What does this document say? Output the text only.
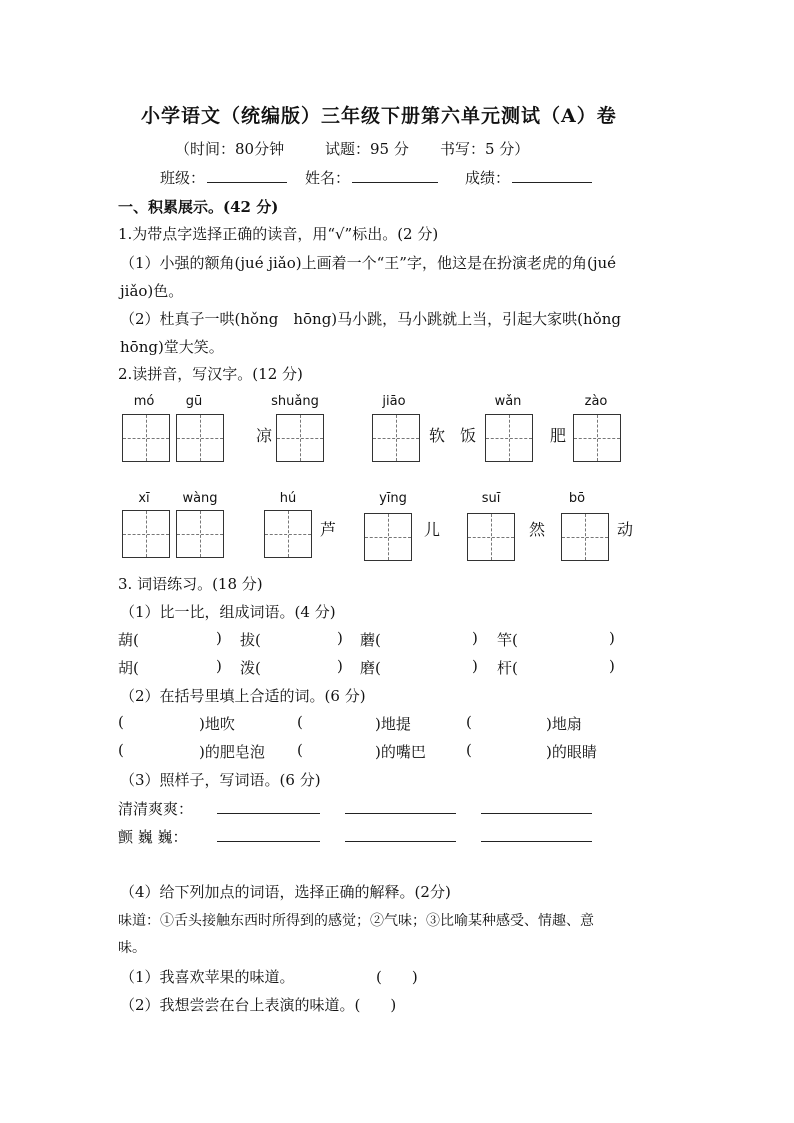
小学语文（统编版）三年级下册第六单元测试（A）卷
（时间：80分钟	试题：95 分 书写：5 分）
班级：	姓名：	成绩：
一、积累展示。(42 分)
1.为带点字选择正确的读音，用“√”标出。(2 分)
（1）小强的额角(jué jiǎo)上画着一个“王”字，他这是在扮演老虎的角(jué
jiǎo)色。
（2）杜真子一哄(hǒng　hōng)马小跳，马小跳就上当，引起大家哄(hǒng
hōng)堂大笑。
2.读拼音，写汉字。(12 分)
mó	gū	shuǎng	jiāo	wǎn	zào
凉	软 饭	肥
xī	wàng	hú	yīng	suī	bō
芦	儿	然	动
3. 词语练习。(18 分)
（1）比一比，组成词语。(4 分)
葫(	) 拔(	) 蘑(	) 竿(	)
胡(	) 泼(	) 磨(	) 杆(	)
（2）在括号里填上合适的词。(6 分)
(	)地吹	(	)地提	(	)地扇
(	)的肥皂泡 (	)的嘴巴	(	)的眼睛
（3）照样子，写词语。(6 分)
清清爽爽：
颤 巍 巍：
（4）给下列加点的词语，选择正确的解释。(2分)
味道：①舌头接触东西时所得到的感觉；②气味；③比喻某种感受、情趣、意
味。
（1）我喜欢苹果的味道。	(　　)
（2）我想尝尝在台上表演的味道。(　　)
